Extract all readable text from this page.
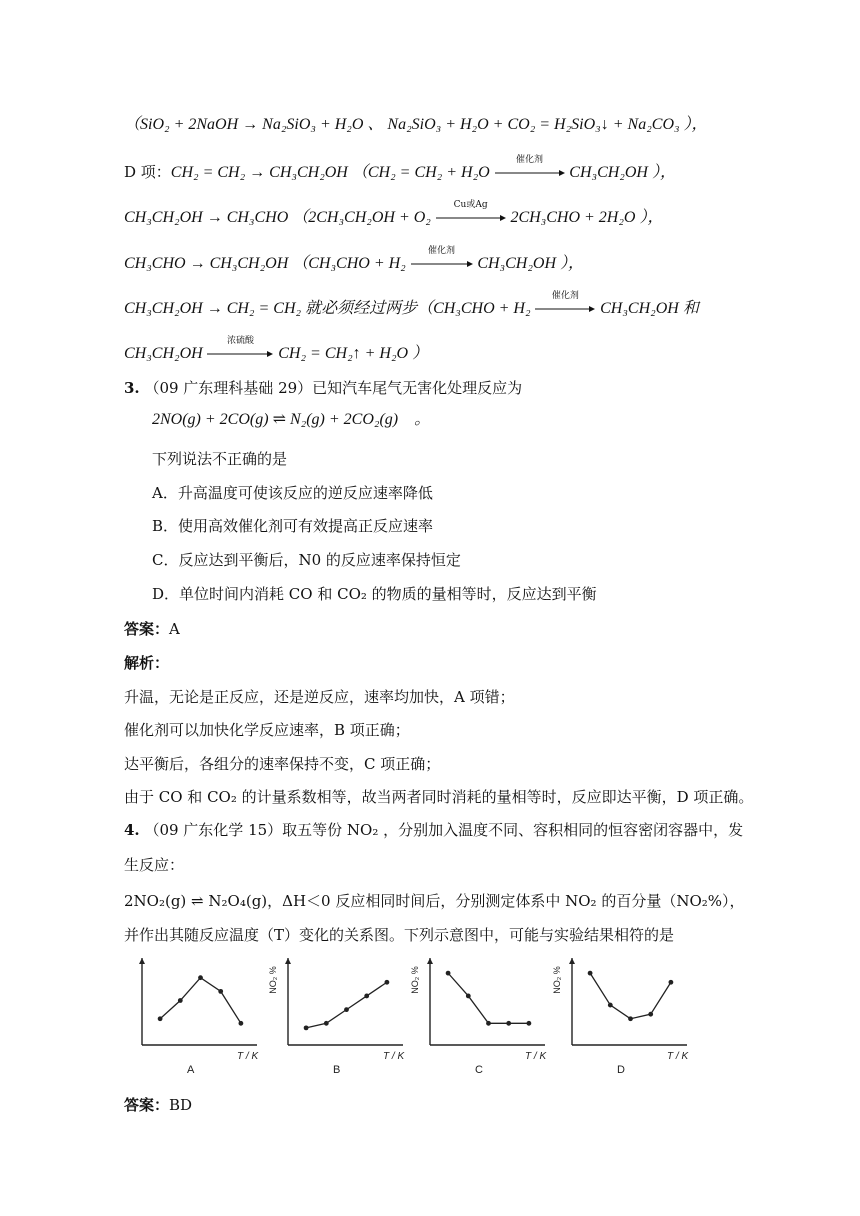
（SiO₂ + 2NaOH → Na₂SiO₃ + H₂O 、 Na₂SiO₃ + H₂O + CO₂ = H₂SiO₃↓ + Na₂CO₃ ），
D 项：CH₂ = CH₂ → CH₃CH₂OH （CH₂ = CH₂ + H₂O
催化剂
CH₃CH₂OH ），
CH₃CH₂OH → CH₃CHO （2CH₃CH₂OH + O₂
Cu或Ag
2CH₃CHO + 2H₂O ），
CH₃CHO → CH₃CH₂OH （CH₃CHO + H₂
催化剂
CH₃CH₂OH ），
CH₃CH₂OH → CH₂ = CH₂ 就必须经过两步（CH₃CHO + H₂
催化剂
CH₃CH₂OH 和
CH₃CH₂OH
浓硫酸
CH₂ = CH₂↑ + H₂O ）
3. （09 广东理科基础 29）已知汽车尾气无害化处理反应为
2NO(g) + 2CO(g) ⇌ N₂(g) + 2CO₂(g)　。
下列说法不正确的是
A．升高温度可使该反应的逆反应速率降低
B．使用高效催化剂可有效提高正反应速率
C．反应达到平衡后，N0 的反应速率保持恒定
D．单位时间内消耗 CO 和 CO₂ 的物质的量相等时，反应达到平衡
答案：A
解析：
升温，无论是正反应，还是逆反应，速率均加快，A 项错；
催化剂可以加快化学反应速率，B 项正确；
达平衡后，各组分的速率保持不变，C 项正确；
由于 CO 和 CO₂ 的计量系数相等，故当两者同时消耗的量相等时，反应即达平衡，D 项正确。
4. （09 广东化学 15）取五等份 NO₂ ，分别加入温度不同、容积相同的恒容密闭容器中，发
生反应：
2NO₂(g) ⇌ N₂O₄(g)，ΔH＜0 反应相同时间后，分别测定体系中 NO₂ 的百分量（NO₂%），
并作出其随反应温度（T）变化的关系图。下列示意图中，可能与实验结果相符的是
T / K
A
NO₂ %
T / K
B
NO₂ %
T / K
C
NO₂ %
T / K
D
答案：BD
